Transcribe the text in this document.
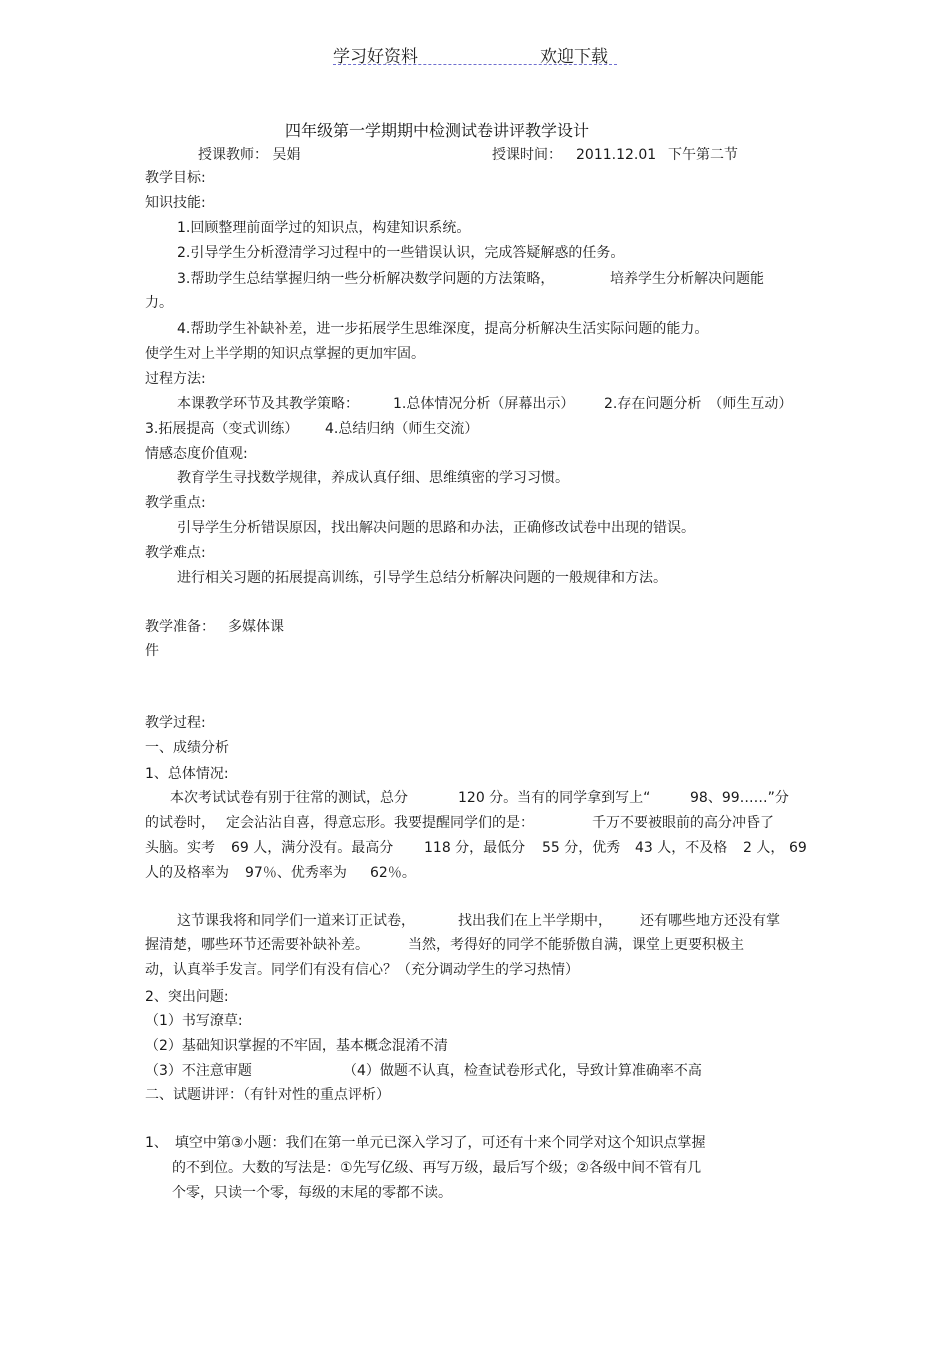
学习好资料	欢迎下载
四年级第一学期期中检测试卷讲评教学设计
授课教师： 吴娟	授课时间： 2011.12.01 下午第二节
教学目标:
知识技能:
1.回顾整理前面学过的知识点，构建知识系统。
2.引导学生分析澄清学习过程中的一些错误认识，完成答疑解惑的任务。
3.帮助学生总结掌握归纳一些分析解决数学问题的方法策略，	培养学生分析解决问题能
力。
4.帮助学生补缺补差，进一步拓展学生思维深度，提高分析解决生活实际问题的能力。
使学生对上半学期的知识点掌握的更加牢固。
过程方法:
本课教学环节及其教学策略： 1.总体情况分析（屏幕出示） 2.存在问题分析　（师生互动）
3.拓展提高（变式训练） 4.总结归纳（师生交流）
情感态度价值观:
教育学生寻找数学规律，养成认真仔细、思维缜密的学习习惯。
教学重点:
引导学生分析错误原因，找出解决问题的思路和办法，正确修改试卷中出现的错误。
教学难点:
进行相关习题的拓展提高训练，引导学生总结分析解决问题的一般规律和方法。
教学准备： 多媒体课
件
教学过程:
一、成绩分析
1、总体情况:
本次考试试卷有别于往常的测试，总分	120 分。当有的同学拿到写上“	98、99……”分
的试卷时， 定会沾沾自喜，得意忘形。我要提醒同学们的是：	千万不要被眼前的高分冲昏了
头脑。实考 69 人，满分没有。最高分 118 分，最低分 55 分，优秀 43 人，不及格 2 人， 69
人的及格率为 97％、优秀率为 62％。
这节课我将和同学们一道来订正试卷，	找出我们在上半学期中， 还有哪些地方还没有掌
握清楚，哪些环节还需要补缺补差。	当然，考得好的同学不能骄傲自满，课堂上更要积极主
动，认真举手发言。同学们有没有信心？（充分调动学生的学习热情）
2、突出问题:
（1）书写潦草:
（2）基础知识掌握的不牢固，基本概念混淆不清
（3）不注意审题	（4）做题不认真，检查试卷形式化，导致计算准确率不高
二、试题讲评：（有针对性的重点评析）
1、　填空中第③小题：我们在第一单元已深入学习了，可还有十来个同学对这个知识点掌握
的不到位。大数的写法是：①先写亿级、再写万级，最后写个级；②各级中间不管有几
个零，只读一个零，每级的末尾的零都不读。
